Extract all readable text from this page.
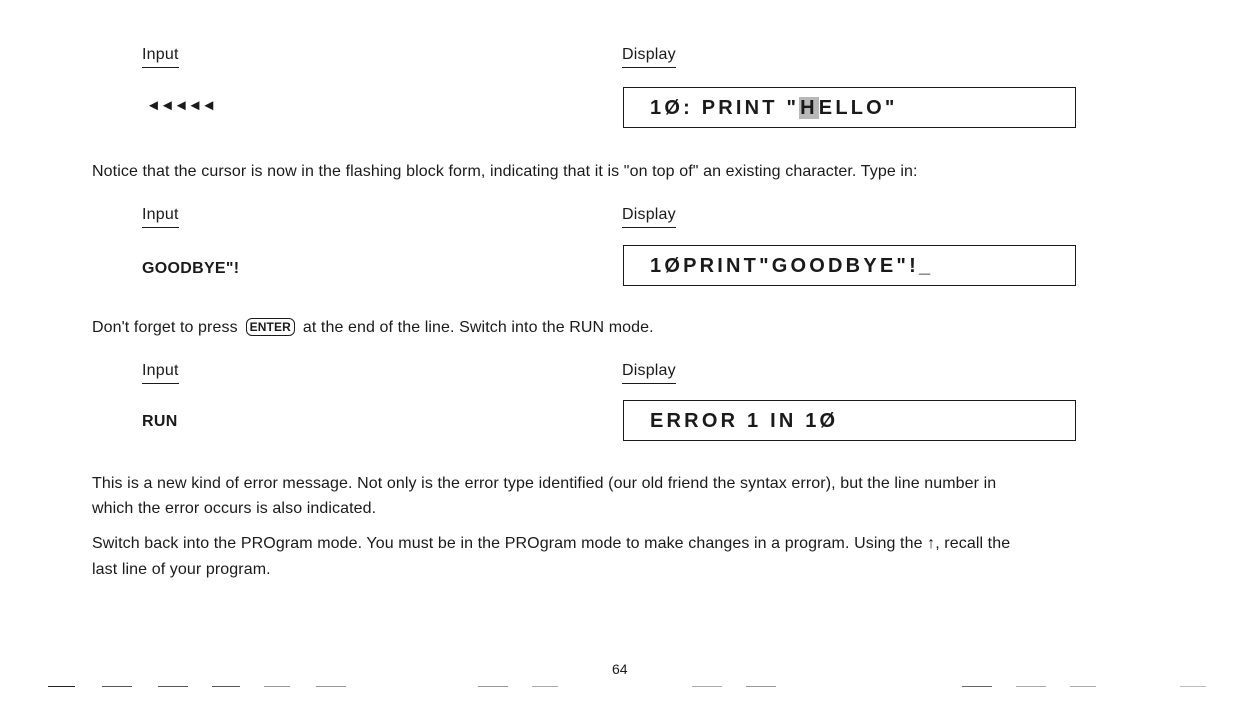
Input	Display
◄◄◄◄◄	1Ø: PRINT "HELLO"
Notice that the cursor is now in the flashing block form, indicating that it is "on top of" an existing character. Type in:
Input	Display
GOODBYE"!	1ØPRINT"GOODBYE"!_
Don't forget to press ENTER at the end of the line. Switch into the RUN mode.
Input	Display
RUN	ERROR 1 IN 1Ø
This is a new kind of error message. Not only is the error type identified (our old friend the syntax error), but the line number in
which the error occurs is also indicated.
Switch back into the PROgram mode. You must be in the PROgram mode to make changes in a program. Using the ↑, recall the
last line of your program.
64
